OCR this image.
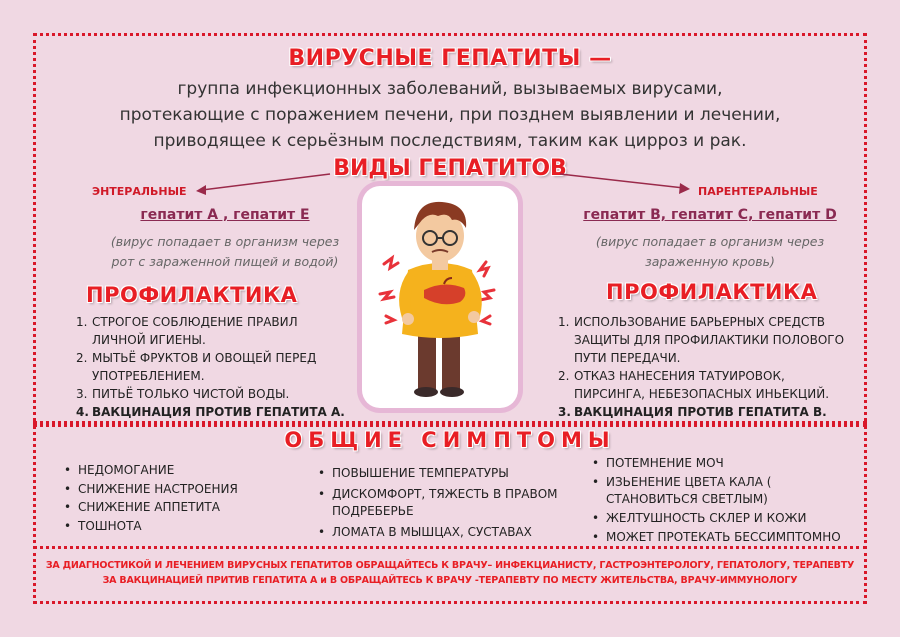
ВИРУСНЫЕ ГЕПАТИТЫ —
группа инфекционных заболеваний, вызываемых вирусами,
протекающие с поражением печени, при позднем выявлении и лечении,
приводящее к серьёзным последствиям, таким как цирроз и рак.
ВИДЫ ГЕПАТИТОВ
ЭНТЕРАЛЬНЫЕ
гепатит А , гепатит Е
(вирус попадает в организм через
рот с зараженной пищей и водой)
ПРОФИЛАКТИКА
1. СТРОГОЕ СОБЛЮДЕНИЕ ПРАВИЛ
ЛИЧНОЙ ИГИЕНЫ.
2. МЫТЬЁ ФРУКТОВ И ОВОЩЕЙ ПЕРЕД
УПОТРЕБЛЕНИЕМ.
3. ПИТЬЁ ТОЛЬКО ЧИСТОЙ ВОДЫ.
4. ВАКЦИНАЦИЯ ПРОТИВ ГЕПАТИТА А.
ПАРЕНТЕРАЛЬНЫЕ
гепатит В, гепатит С, гепатит D
(вирус попадает в организм через
зараженную кровь)
ПРОФИЛАКТИКА
1. ИСПОЛЬЗОВАНИЕ БАРЬЕРНЫХ СРЕДСТВ
ЗАЩИТЫ ДЛЯ ПРОФИЛАКТИКИ ПОЛОВОГО
ПУТИ ПЕРЕДАЧИ.
2. ОТКАЗ НАНЕСЕНИЯ ТАТУИРОВОК,
ПИРСИНГА, НЕБЕЗОПАСНЫХ ИНЬЕКЦИЙ.
3. ВАКЦИНАЦИЯ ПРОТИВ ГЕПАТИТА В.
ОБЩИЕ СИМПТОМЫ
• НЕДОМОГАНИЕ
• СНИЖЕНИЕ НАСТРОЕНИЯ
• СНИЖЕНИЕ АППЕТИТА
• ТОШНОТА
• ПОВЫШЕНИЕ ТЕМПЕРАТУРЫ
• ДИСКОМФОРТ, ТЯЖЕСТЬ В ПРАВОМ ПОДРЕБЕРЬЕ
• ЛОМАТА В МЫШЦАХ, СУСТАВАХ
• ПОТЕМНЕНИЕ МОЧ
• ИЗЬЕНЕНИЕ ЦВЕТА КАЛА ( СТАНОВИТЬСЯ СВЕТЛЫМ)
• ЖЕЛТУШНОСТЬ СКЛЕР И КОЖИ
• МОЖЕТ ПРОТЕКАТЬ БЕССИМПТОМНО
ЗА ДИАГНОСТИКОЙ И ЛЕЧЕНИЕМ ВИРУСНЫХ ГЕПАТИТОВ ОБРАЩАЙТЕСЬ К ВРАЧУ– ИНФЕКЦИАНИСТУ, ГАСТРОЭНТЕРОЛОГУ, ГЕПАТОЛОГУ, ТЕРАПЕВТУ
ЗА ВАКЦИНАЦИЕЙ ПРИТИВ ГЕПАТИТА А и В ОБРАЩАЙТЕСЬ К ВРАЧУ -ТЕРАПЕВТУ ПО МЕСТУ ЖИТЕЛЬСТВА, ВРАЧУ-ИММУНОЛОГУ
